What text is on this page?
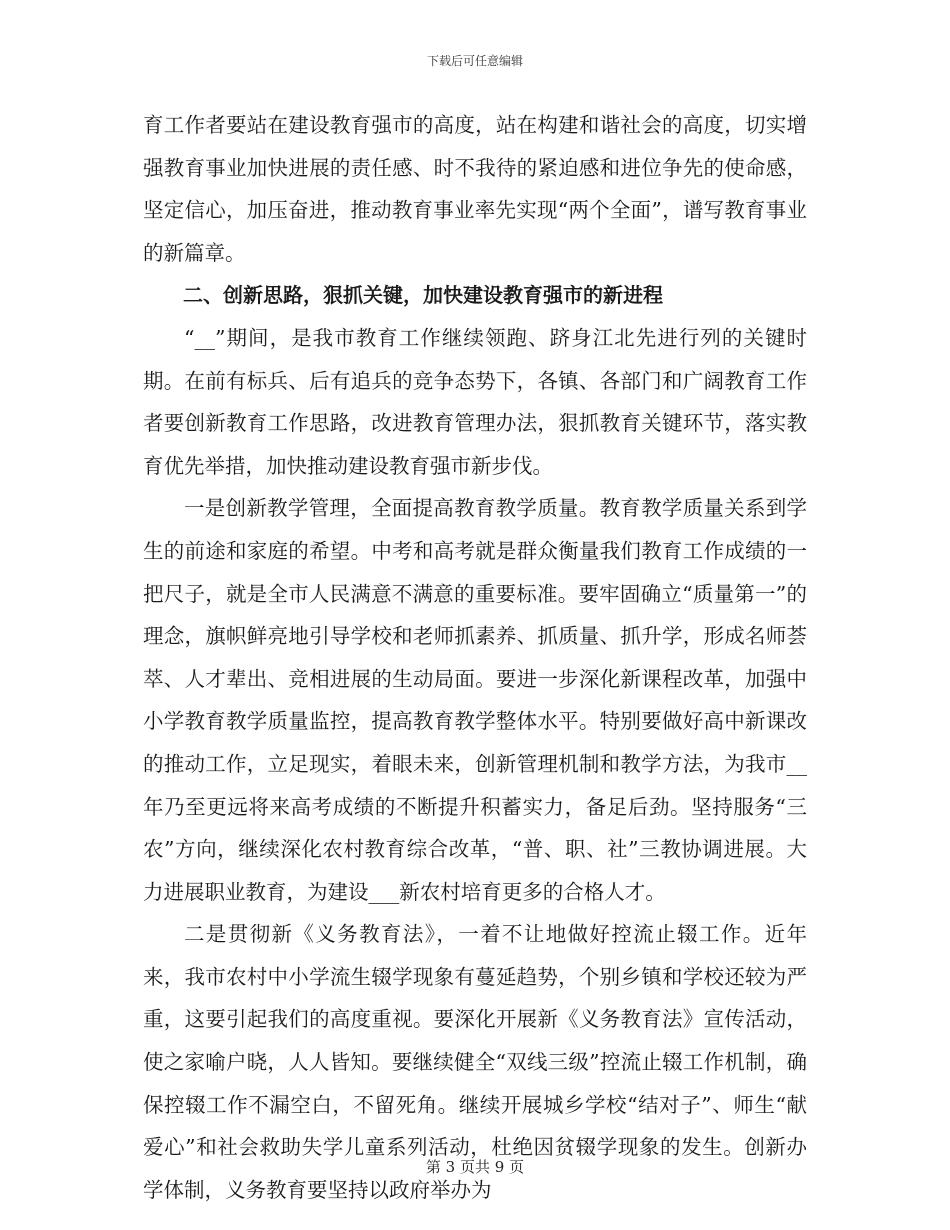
下载后可任意编辑

育工作者要站在建设教育强市的高度，站在构建和谐社会的高度，切实增强教育事业加快进展的责任感、时不我待的紧迫感和进位争先的使命感，坚定信心，加压奋进，推动教育事业率先实现“两个全面”，谱写教育事业的新篇章。

二、创新思路，狠抓关键，加快建设教育强市的新进程

“__”期间，是我市教育工作继续领跑、跻身江北先进行列的关键时期。在前有标兵、后有追兵的竞争态势下，各镇、各部门和广阔教育工作者要创新教育工作思路，改进教育管理办法，狠抓教育关键环节，落实教育优先举措，加快推动建设教育强市新步伐。

一是创新教学管理，全面提高教育教学质量。教育教学质量关系到学生的前途和家庭的希望。中考和高考就是群众衡量我们教育工作成绩的一把尺子，就是全市人民满意不满意的重要标准。要牢固确立“质量第一”的理念，旗帜鲜亮地引导学校和老师抓素养、抓质量、抓升学，形成名师荟萃、人才辈出、竞相进展的生动局面。要进一步深化新课程改革，加强中小学教育教学质量监控，提高教育教学整体水平。特别要做好高中新课改的推动工作，立足现实，着眼未来，创新管理机制和教学方法，为我市__年乃至更远将来高考成绩的不断提升积蓄实力，备足后劲。坚持服务“三农”方向，继续深化农村教育综合改革，“普、职、社”三教协调进展。大力进展职业教育，为建设___新农村培育更多的合格人才。

二是贯彻新《义务教育法》，一着不让地做好控流止辍工作。近年来，我市农村中小学流生辍学现象有蔓延趋势，个别乡镇和学校还较为严重，这要引起我们的高度重视。要深化开展新《义务教育法》宣传活动，使之家喻户晓，人人皆知。要继续健全“双线三级”控流止辍工作机制，确保控辍工作不漏空白，不留死角。继续开展城乡学校“结对子”、师生“献爱心”和社会救助失学儿童系列活动，杜绝因贫辍学现象的发生。创新办学体制，义务教育要坚持以政府举办为

第 3 页共 9 页
